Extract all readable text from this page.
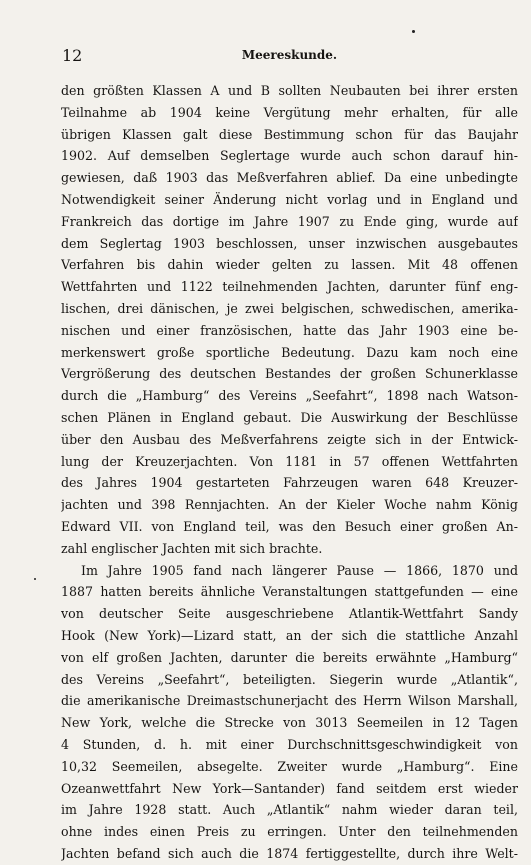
12	Meereskunde.
den größten Klassen A und B sollten Neubauten bei ihrer ersten
Teilnahme ab 1904 keine Vergütung mehr erhalten, für alle
übrigen Klassen galt diese Bestimmung schon für das Baujahr
1902. Auf demselben Seglertage wurde auch schon darauf hin-
gewiesen, daß 1903 das Meßverfahren ablief. Da eine unbedingte
Notwendigkeit seiner Änderung nicht vorlag und in England und
Frankreich das dortige im Jahre 1907 zu Ende ging, wurde auf
dem Seglertag 1903 beschlossen, unser inzwischen ausgebautes
Verfahren bis dahin wieder gelten zu lassen. Mit 48 offenen
Wettfahrten und 1122 teilnehmenden Jachten, darunter fünf eng-
lischen, drei dänischen, je zwei belgischen, schwedischen, amerika-
nischen und einer französischen, hatte das Jahr 1903 eine be-
merkenswert große sportliche Bedeutung. Dazu kam noch eine
Vergrößerung des deutschen Bestandes der großen Schunerklasse
durch die „Hamburg“ des Vereins „Seefahrt“, 1898 nach Watson-
schen Plänen in England gebaut. Die Auswirkung der Beschlüsse
über den Ausbau des Meßverfahrens zeigte sich in der Entwick-
lung der Kreuzerjachten. Von 1181 in 57 offenen Wettfahrten
des Jahres 1904 gestarteten Fahrzeugen waren 648 Kreuzer-
jachten und 398 Rennjachten. An der Kieler Woche nahm König
Edward VII. von England teil, was den Besuch einer großen An-
zahl englischer Jachten mit sich brachte.
Im Jahre 1905 fand nach längerer Pause — 1866, 1870 und
1887 hatten bereits ähnliche Veranstaltungen stattgefunden — eine
von deutscher Seite ausgeschriebene Atlantik-Wettfahrt Sandy
Hook (New York)—Lizard statt, an der sich die stattliche Anzahl
von elf großen Jachten, darunter die bereits erwähnte „Hamburg“
des Vereins „Seefahrt“, beteiligten. Siegerin wurde „Atlantik“,
die amerikanische Dreimastschunerjacht des Herrn Wilson Marshall,
New York, welche die Strecke von 3013 Seemeilen in 12 Tagen
4 Stunden, d. h. mit einer Durchschnittsgeschwindigkeit von
10,32 Seemeilen, absegelte. Zweiter wurde „Hamburg“. Eine
Ozeanwettfahrt New York—Santander) fand seitdem erst wieder
im Jahre 1928 statt. Auch „Atlantik“ nahm wieder daran teil,
ohne indes einen Preis zu erringen. Unter den teilnehmenden
Jachten befand sich auch die 1874 fertiggestellte, durch ihre Welt-
